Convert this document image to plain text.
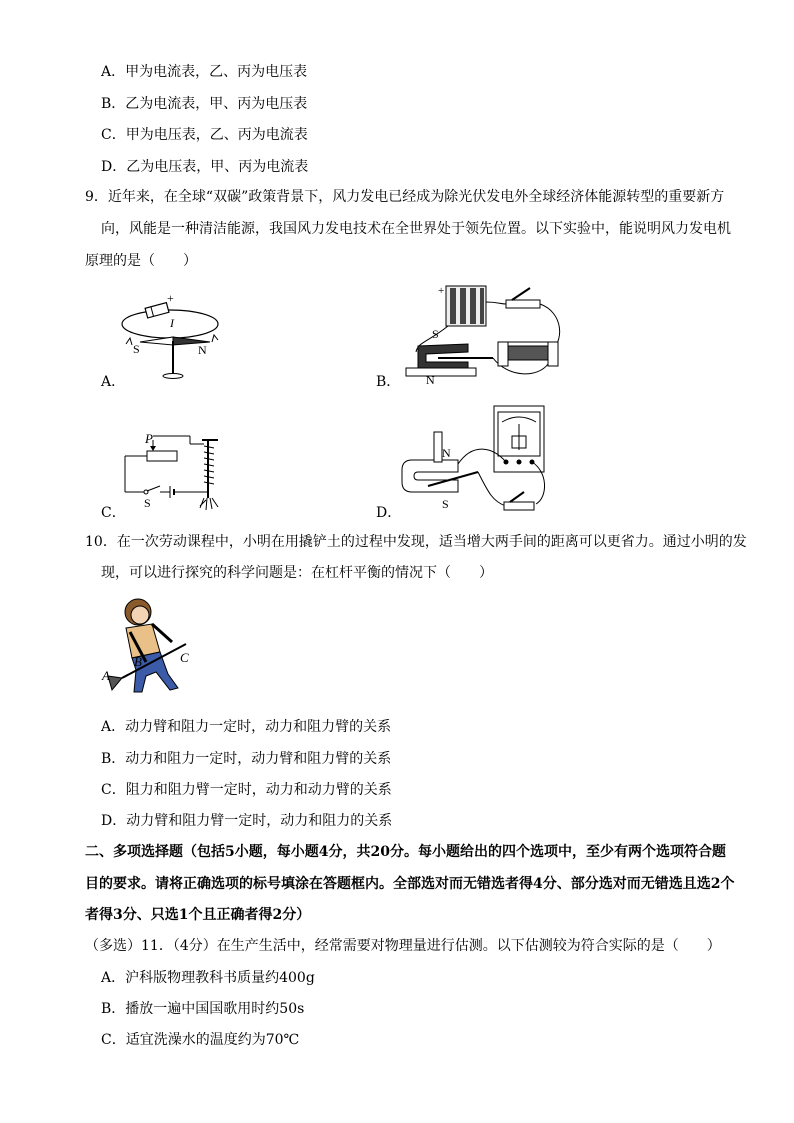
A．甲为电流表，乙、丙为电压表
B．乙为电流表，甲、丙为电压表
C．甲为电压表，乙、丙为电流表
D．乙为电压表，甲、丙为电流表
9．近年来，在全球“双碳”政策背景下，风力发电已经成为除光伏发电外全球经济体能源转型的重要新方
向，风能是一种清洁能源，我国风力发电技术在全世界处于领先位置。以下实验中，能说明风力发电机
原理的是（　　）
+
I
S	N
A．
+
S
N
B．
P
S
C．
N
S
D．
10．在一次劳动课程中，小明在用撬铲土的过程中发现，适当增大两手间的距离可以更省力。通过小明的发
现，可以进行探究的科学问题是：在杠杆平衡的情况下（　　）
A
B	C
A．动力臂和阻力一定时，动力和阻力臂的关系
B．动力和阻力一定时，动力臂和阻力臂的关系
C．阻力和阻力臂一定时，动力和动力臂的关系
D．动力臂和阻力臂一定时，动力和阻力的关系
二、多项选择题（包括5小题，每小题4分，共20分。每小题给出的四个选项中，至少有两个选项符合题
目的要求。请将正确选项的标号填涂在答题框内。全部选对而无错选者得4分、部分选对而无错选且选2个
者得3分、只选1个且正确者得2分）
（多选）11．（4分）在生产生活中，经常需要对物理量进行估测。以下估测较为符合实际的是（　　）
A．沪科版物理教科书质量约400g
B．播放一遍中国国歌用时约50s
C．适宜洗澡水的温度约为70℃
